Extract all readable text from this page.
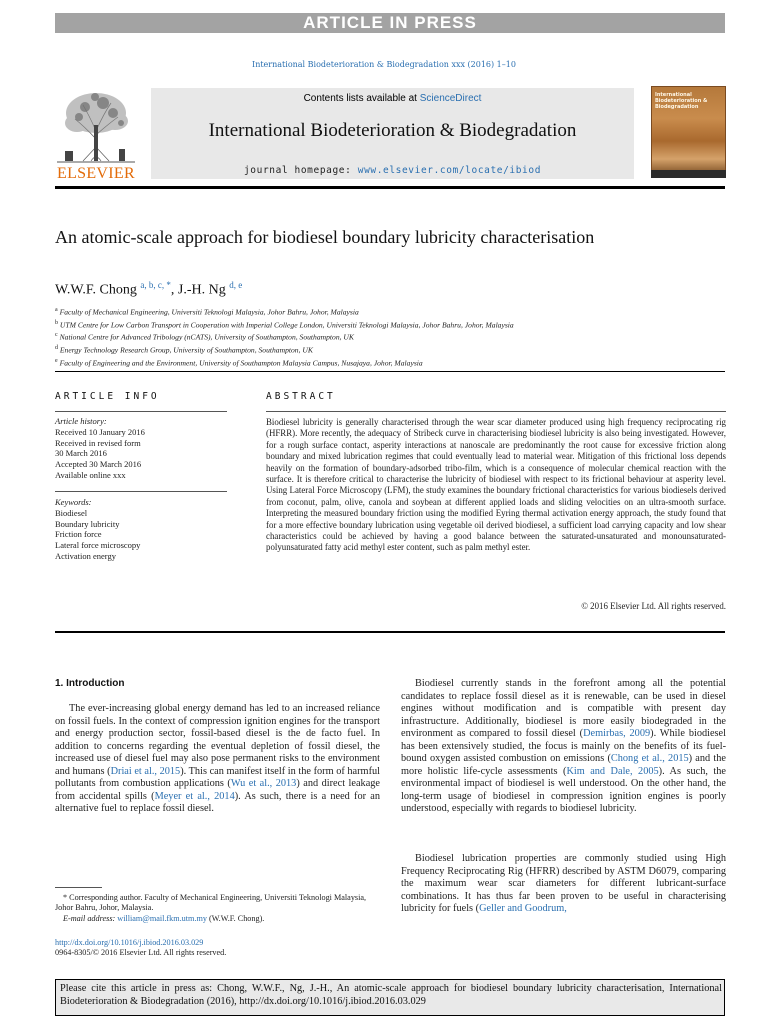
ARTICLE IN PRESS
International Biodeterioration & Biodegradation xxx (2016) 1–10
ELSEVIER
Contents lists available at ScienceDirect
International Biodeterioration & Biodegradation
journal homepage: www.elsevier.com/locate/ibiod
International Biodeterioration & Biodegradation
An atomic-scale approach for biodiesel boundary lubricity characterisation
W.W.F. Chong $^{a, b, c, *}$, J.-H. Ng $^{d, e}$
$^a$ Faculty of Mechanical Engineering, Universiti Teknologi Malaysia, Johor Bahru, Johor, Malaysia
$^b$ UTM Centre for Low Carbon Transport in Cooperation with Imperial College London, Universiti Teknologi Malaysia, Johor Bahru, Johor, Malaysia
$^c$ National Centre for Advanced Tribology (nCATS), University of Southampton, Southampton, UK
$^d$ Energy Technology Research Group, University of Southampton, Southampton, UK
$^e$ Faculty of Engineering and the Environment, University of Southampton Malaysia Campus, Nusajaya, Johor, Malaysia
ARTICLE INFO
Article history:
Received 10 January 2016
Received in revised form
30 March 2016
Accepted 30 March 2016
Available online xxx
Keywords:
Biodiesel
Boundary lubricity
Friction force
Lateral force microscopy
Activation energy
ABSTRACT
Biodiesel lubricity is generally characterised through the wear scar diameter produced using high frequency reciprocating rig (HFRR). More recently, the adequacy of Stribeck curve in characterising biodiesel lubricity is also being investigated. However, for a rough surface contact, asperity interactions at nanoscale are predominantly the root cause for excessive friction along boundary and mixed lubrication regimes that could eventually lead to material wear. Mitigation of this frictional loss depends heavily on the formation of boundary-adsorbed tribo-film, which is a consequence of molecular chemical reaction with the surface. It is therefore critical to characterise the lubricity of biodiesel with respect to its frictional behaviour at asperity level. Using Lateral Force Microscopy (LFM), the study examines the boundary frictional characteristics for various biodiesels derived from coconut, palm, olive, canola and soybean at different applied loads and sliding velocities on an ultra-smooth surface. Interpreting the measured boundary friction using the modified Eyring thermal activation energy approach, the study found that for a more effective boundary lubrication using vegetable oil derived biodiesel, a sufficient load carrying capacity and low shear characteristics could be achieved by having a good balance between the saturated-unsaturated and monounsaturated-polyunsaturated fatty acid methyl ester content, such as palm methyl ester.
© 2016 Elsevier Ltd. All rights reserved.
1. Introduction
The ever-increasing global energy demand has led to an increased reliance on fossil fuels. In the context of compression ignition engines for the transport and energy production sector, fossil-based diesel is the de facto fuel. In addition to concerns regarding the eventual depletion of fossil diesel, the increased use of diesel fuel may also pose permanent risks to the environment and humans (Driai et al., 2015). This can manifest itself in the form of harmful pollutants from combustion applications (Wu et al., 2013) and direct leakage from accidental spills (Meyer et al., 2014). As such, there is a need for an alternative fuel to replace fossil diesel.
Biodiesel currently stands in the forefront among all the potential candidates to replace fossil diesel as it is renewable, can be used in diesel engines without modification and is compatible with present day infrastructure. Additionally, biodiesel is more easily biodegraded in the environment as compared to fossil diesel (Demirbas, 2009). While biodiesel has been extensively studied, the focus is mainly on the benefits of its fuel-bound oxygen assisted combustion on emissions (Chong et al., 2015) and the more holistic life-cycle assessments (Kim and Dale, 2005). As such, the environmental impact of biodiesel is well understood. On the other hand, the long-term usage of biodiesel in compression ignition engines is poorly understood, especially with regards to biodiesel lubricity.
Biodiesel lubrication properties are commonly studied using High Frequency Reciprocating Rig (HFRR) described by ASTM D6079, comparing the maximum wear scar diameters for different lubricant-surface combinations. It has thus far been proven to be useful in characterising lubricity for fuels (Geller and Goodrum,
* Corresponding author. Faculty of Mechanical Engineering, Universiti Teknologi Malaysia, Johor Bahru, Johor, Malaysia.
E-mail address: william@mail.fkm.utm.my (W.W.F. Chong).
http://dx.doi.org/10.1016/j.ibiod.2016.03.029
0964-8305/© 2016 Elsevier Ltd. All rights reserved.
Please cite this article in press as: Chong, W.W.F., Ng, J.-H., An atomic-scale approach for biodiesel boundary lubricity characterisation, International Biodeterioration & Biodegradation (2016), http://dx.doi.org/10.1016/j.ibiod.2016.03.029
